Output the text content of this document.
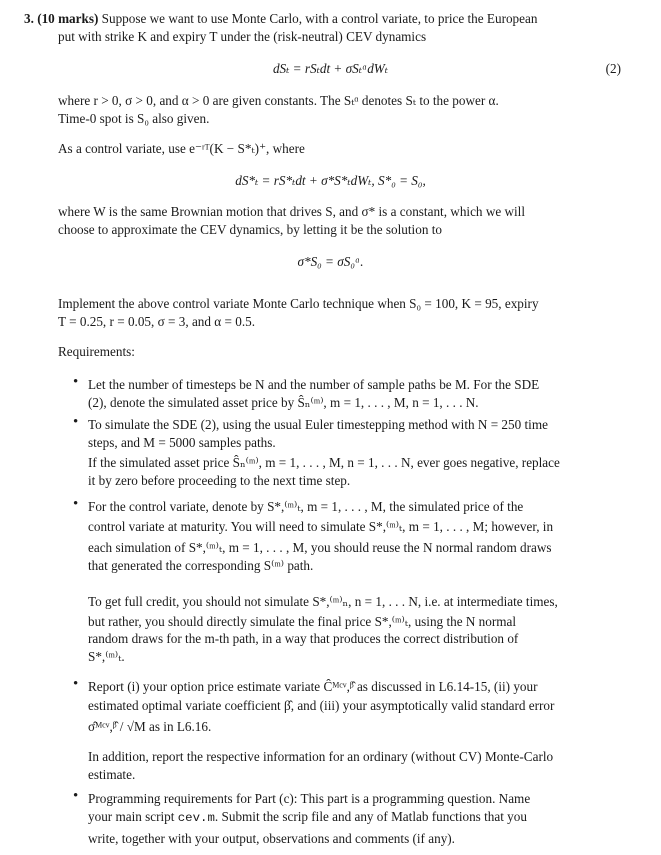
3. (10 marks) Suppose we want to use Monte Carlo, with a control variate, to price the European
put with strike K and expiry T under the (risk-neutral) CEV dynamics
dSₜ = rSₜdt + σSₜᵅdWₜ	(2)
where r > 0, σ > 0, and α > 0 are given constants. The Sₜᵅ denotes Sₜ to the power α.
Time-0 spot is S₀ also given.
As a control variate, use e⁻ʳᵀ(K − S*ₜ)⁺, where
dS*ₜ = rS*ₜdt + σ*S*ₜdWₜ, S*₀ = S₀,
where W is the same Brownian motion that drives S, and σ* is a constant, which we will
choose to approximate the CEV dynamics, by letting it be the solution to
σ*S₀ = σS₀ᵅ.
Implement the above control variate Monte Carlo technique when S₀ = 100, K = 95, expiry
T = 0.25, r = 0.05, σ = 3, and α = 0.5.
Requirements:
• Let the number of timesteps be N and the number of sample paths be M. For the SDE
(2), denote the simulated asset price by Ŝₙ⁽ᵐ⁾, m = 1, . . . , M, n = 1, . . . N.
• To simulate the SDE (2), using the usual Euler timestepping method with N = 250 time
steps, and M = 5000 samples paths.
If the simulated asset price Ŝₙ⁽ᵐ⁾, m = 1, . . . , M, n = 1, . . . N, ever goes negative, replace
it by zero before proceeding to the next time step.
• For the control variate, denote by S*,⁽ᵐ⁾ₜ, m = 1, . . . , M, the simulated price of the
control variate at maturity. You will need to simulate S*,⁽ᵐ⁾ₜ, m = 1, . . . , M; however, in
each simulation of S*,⁽ᵐ⁾ₜ, m = 1, . . . , M, you should reuse the N normal random draws
that generated the corresponding S⁽ᵐ⁾ path.
To get full credit, you should not simulate S*,⁽ᵐ⁾ₙ, n = 1, . . . N, i.e. at intermediate times,
but rather, you should directly simulate the final price S*,⁽ᵐ⁾ₜ, using the N normal
random draws for the m-th path, in a way that produces the correct distribution of
S*,⁽ᵐ⁾ₜ.
• Report (i) your option price estimate variate Ĉᴹᶜᵛ,ᵝ̂ as discussed in L6.14-15, (ii) your
estimated optimal variate coefficient β̂, and (iii) your asymptotically valid standard error
σ̂ᴹᶜᵛ,ᵝ̂ / √M as in L6.16.
In addition, report the respective information for an ordinary (without CV) Monte-Carlo
estimate.
• Programming requirements for Part (c): This part is a programming question. Name
your main script cev.m. Submit the scrip file and any of Matlab functions that you
write, together with your output, observations and comments (if any).
